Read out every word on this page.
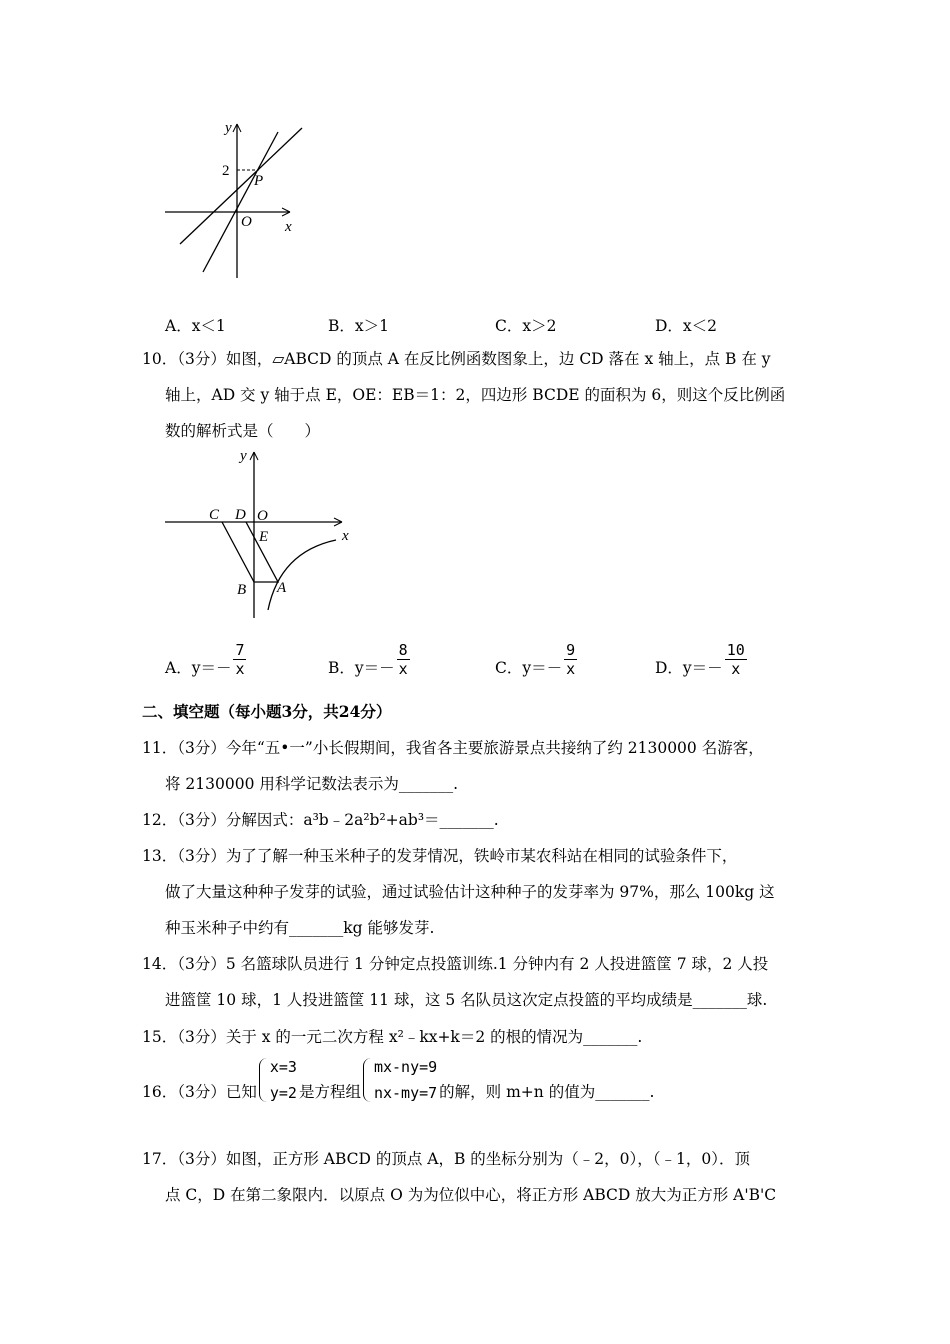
y
x
O
P
2
A．x＜1	B．x＞1	C．x＞2	D．x＜2
10．（3分）如图，▱ABCD 的顶点 A 在反比例函数图象上，边 CD 落在 x 轴上，点 B 在 y
轴上，AD 交 y 轴于点 E，OE：EB＝1：2，四边形 BCDE 的面积为 6，则这个反比例函
数的解析式是（　　）
y
x
C D O
E
B A
A．$y=- \frac{7}{x}$	B．$y=- \frac{8}{x}$	C．$y=- \frac{9}{x}$	D．$y=- \frac{10}{x}$
二、填空题（每小题3分，共24分）
11．（3分）今年“五•一”小长假期间，我省各主要旅游景点共接纳了约 2130000 名游客，
将 2130000 用科学记数法表示为_______.
12．（3分）分解因式：a³b﹣2a²b²+ab³＝_______.
13．（3分）为了了解一种玉米种子的发芽情况，铁岭市某农科站在相同的试验条件下，
做了大量这种种子发芽的试验，通过试验估计这种种子的发芽率为 97%，那么 100kg 这
种玉米种子中约有_______kg 能够发芽.
14．（3分）5 名篮球队员进行 1 分钟定点投篮训练.1 分钟内有 2 人投进篮筐 7 球，2 人投
进篮筐 10 球，1 人投进篮筐 11 球，这 5 名队员这次定点投篮的平均成绩是_______球.
15．（3分）关于 x 的一元二次方程 x²﹣kx+k＝2 的根的情况为_______.
16．（3分）已知
x=3
y=2 是方程组
mx-ny=9
nx-my=7 的解，则 m+n 的值为_______.
17．（3分）如图，正方形 ABCD 的顶点 A，B 的坐标分别为（﹣2，0），（﹣1，0）．顶
点 C，D 在第二象限内．以原点 O 为为位似中心，将正方形 ABCD 放大为正方形 A'B'C
